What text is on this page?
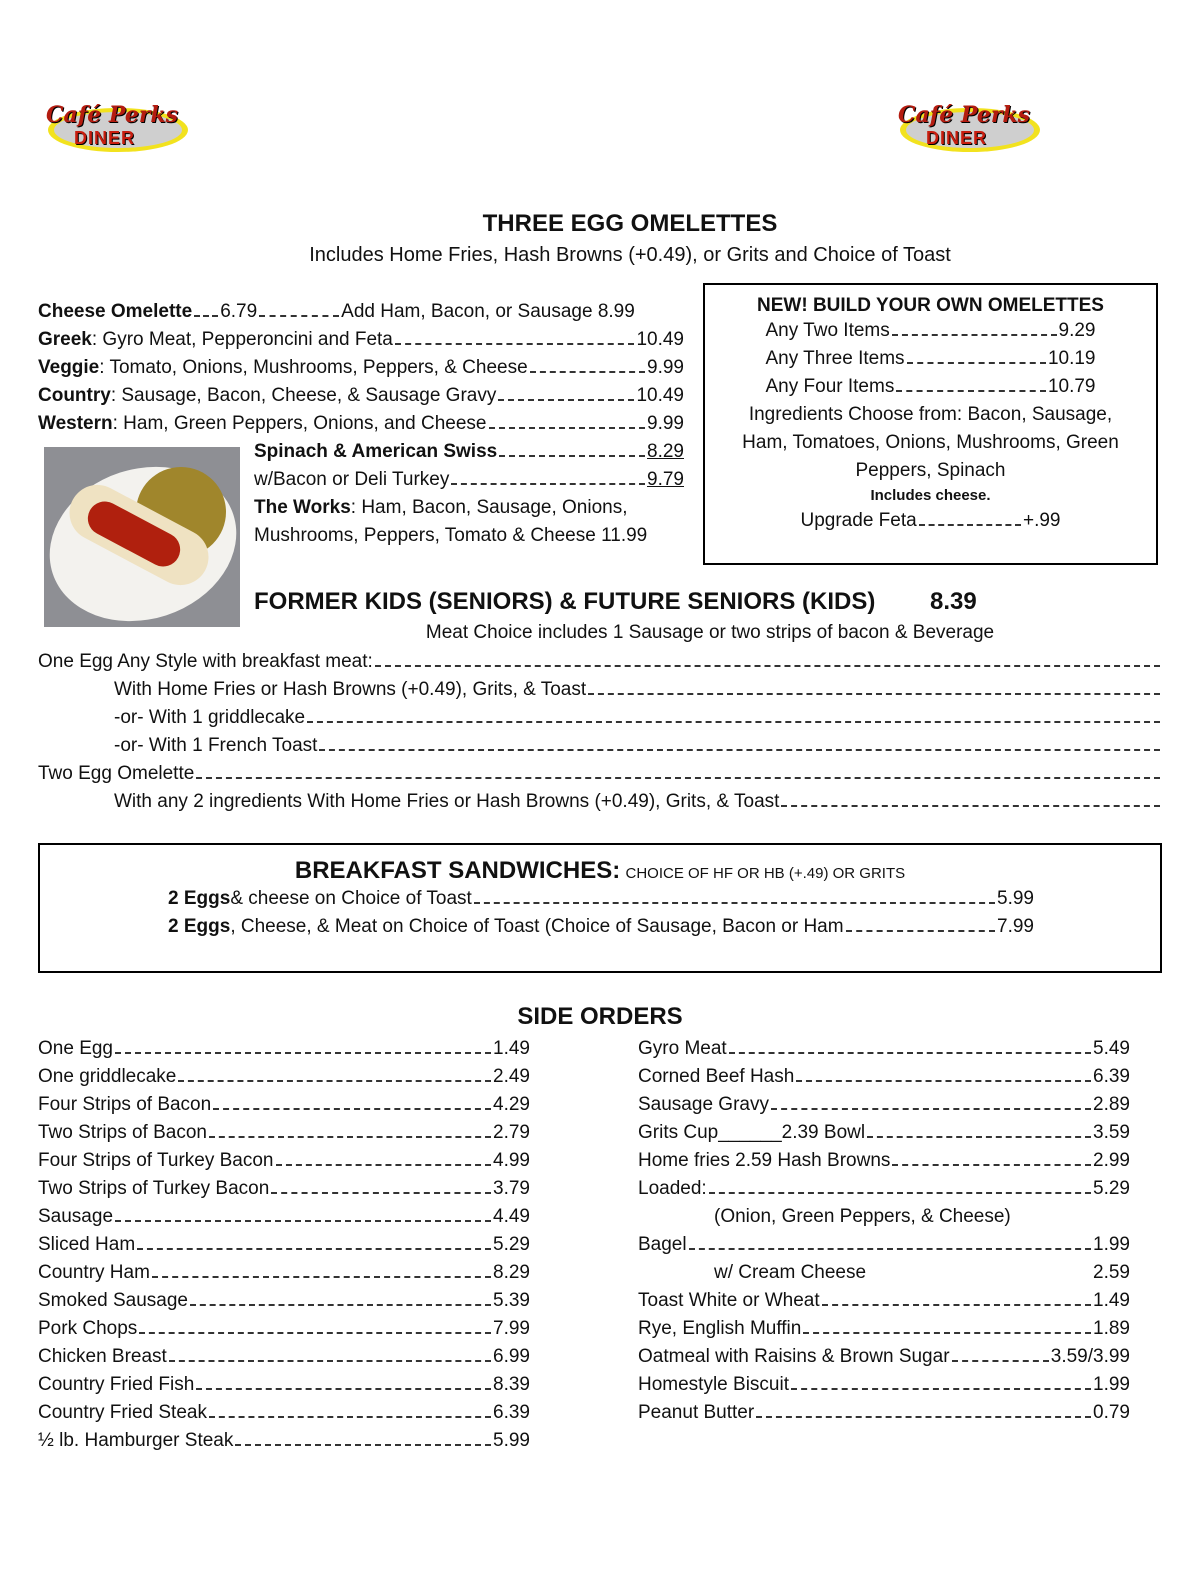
Café Perks
DINER
Café Perks
DINER
THREE EGG OMELETTES
Includes Home Fries, Hash Browns (+0.49), or Grits and Choice of Toast
Cheese Omelette 6.79	Add Ham, Bacon, or Sausage 8.99
Greek : Gyro Meat, Pepperoncini and Feta	10.49
Veggie : Tomato, Onions, Mushrooms, Peppers, & Cheese	9.99
Country : Sausage, Bacon, Cheese, & Sausage Gravy	10.49
Western : Ham, Green Peppers, Onions, and Cheese	9.99
Spinach & American Swiss	8.29
w/Bacon or Deli Turkey	9.79
The Works: Ham, Bacon, Sausage, Onions,
Mushrooms, Peppers, Tomato & Cheese 11.99
NEW! BUILD YOUR OWN OMELETTES
Any Two Items	9.29
Any Three Items	10.19
Any Four Items	10.79
Ingredients Choose from: Bacon, Sausage,
Ham, Tomatoes, Onions, Mushrooms, Green
Peppers, Spinach
Includes cheese.
Upgrade Feta	+.99
FORMER KIDS (SENIORS) & FUTURE SENIORS (KIDS) 8.39
Meat Choice includes 1 Sausage or two strips of bacon & Beverage
One Egg Any Style with breakfast meat:
With Home Fries or Hash Browns (+0.49), Grits, & Toast
-or- With 1 griddlecake
-or- With 1 French Toast
Two Egg Omelette
With any 2 ingredients With Home Fries or Hash Browns (+0.49), Grits, & Toast
BREAKFAST SANDWICHES: CHOICE OF HF OR HB (+.49) OR GRITS
2 Eggs & cheese on Choice of Toast	5.99
2 Eggs , Cheese, & Meat on Choice of Toast (Choice of Sausage, Bacon or Ham	7.99
SIDE ORDERS
One Egg	1.49
One griddlecake	2.49
Four Strips of Bacon	4.29
Two Strips of Bacon	2.79
Four Strips of Turkey Bacon	4.99
Two Strips of Turkey Bacon	3.79
Sausage	4.49
Sliced Ham	5.29
Country Ham	8.29
Smoked Sausage	5.39
Pork Chops	7.99
Chicken Breast	6.99
Country Fried Fish	8.39
Country Fried Steak	6.39
½ lb. Hamburger Steak	5.99
Gyro Meat	5.49
Corned Beef Hash	6.39
Sausage Gravy	2.89
Grits Cup______2.39 Bowl	3.59
Home fries 2.59 Hash Browns	2.99
Loaded:	5.29
(Onion, Green Peppers, & Cheese)
Bagel	1.99
w/ Cream Cheese	2.59
Toast White or Wheat	1.49
Rye, English Muffin	1.89
Oatmeal with Raisins & Brown Sugar	3.59/3.99
Homestyle Biscuit	1.99
Peanut Butter	0.79
